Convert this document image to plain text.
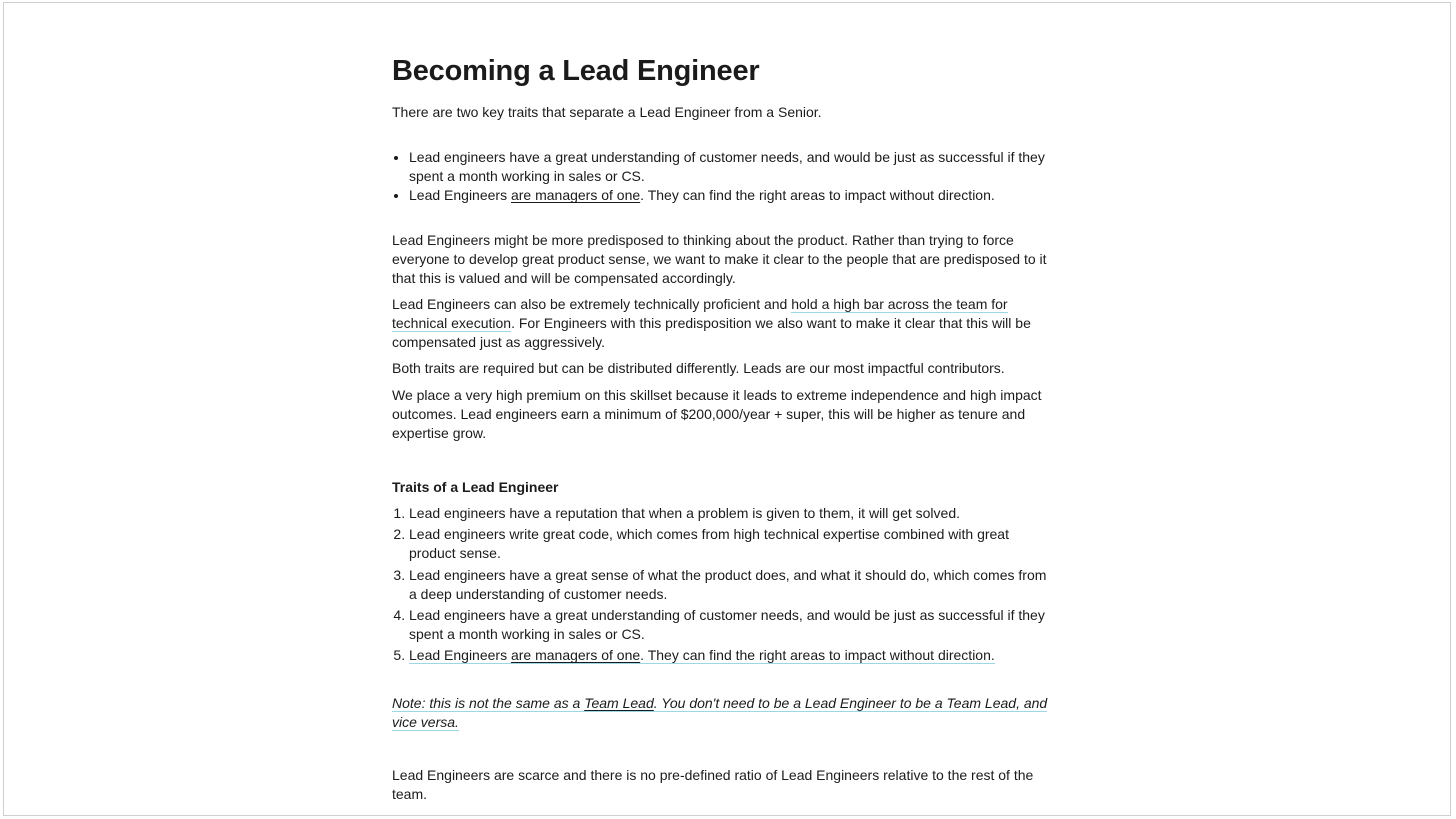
Becoming a Lead Engineer

There are two key traits that separate a Lead Engineer from a Senior.

• Lead engineers have a great understanding of customer needs, and would be just as successful if they spent a month working in sales or CS.
• Lead Engineers are managers of one. They can find the right areas to impact without direction.

Lead Engineers might be more predisposed to thinking about the product. Rather than trying to force everyone to develop great product sense, we want to make it clear to the people that are predisposed to it that this is valued and will be compensated accordingly.

Lead Engineers can also be extremely technically proficient and hold a high bar across the team for technical execution. For Engineers with this predisposition we also want to make it clear that this will be compensated just as aggressively.

Both traits are required but can be distributed differently. Leads are our most impactful contributors.

We place a very high premium on this skillset because it leads to extreme independence and high impact outcomes. Lead engineers earn a minimum of $200,000/year + super, this will be higher as tenure and expertise grow.

Traits of a Lead Engineer
1. Lead engineers have a reputation that when a problem is given to them, it will get solved.
2. Lead engineers write great code, which comes from high technical expertise combined with great product sense.
3. Lead engineers have a great sense of what the product does, and what it should do, which comes from a deep understanding of customer needs.
4. Lead engineers have a great understanding of customer needs, and would be just as successful if they spent a month working in sales or CS.
5. Lead Engineers are managers of one. They can find the right areas to impact without direction.

Note: this is not the same as a Team Lead. You don't need to be a Lead Engineer to be a Team Lead, and vice versa.

Lead Engineers are scarce and there is no pre-defined ratio of Lead Engineers relative to the rest of the team.
